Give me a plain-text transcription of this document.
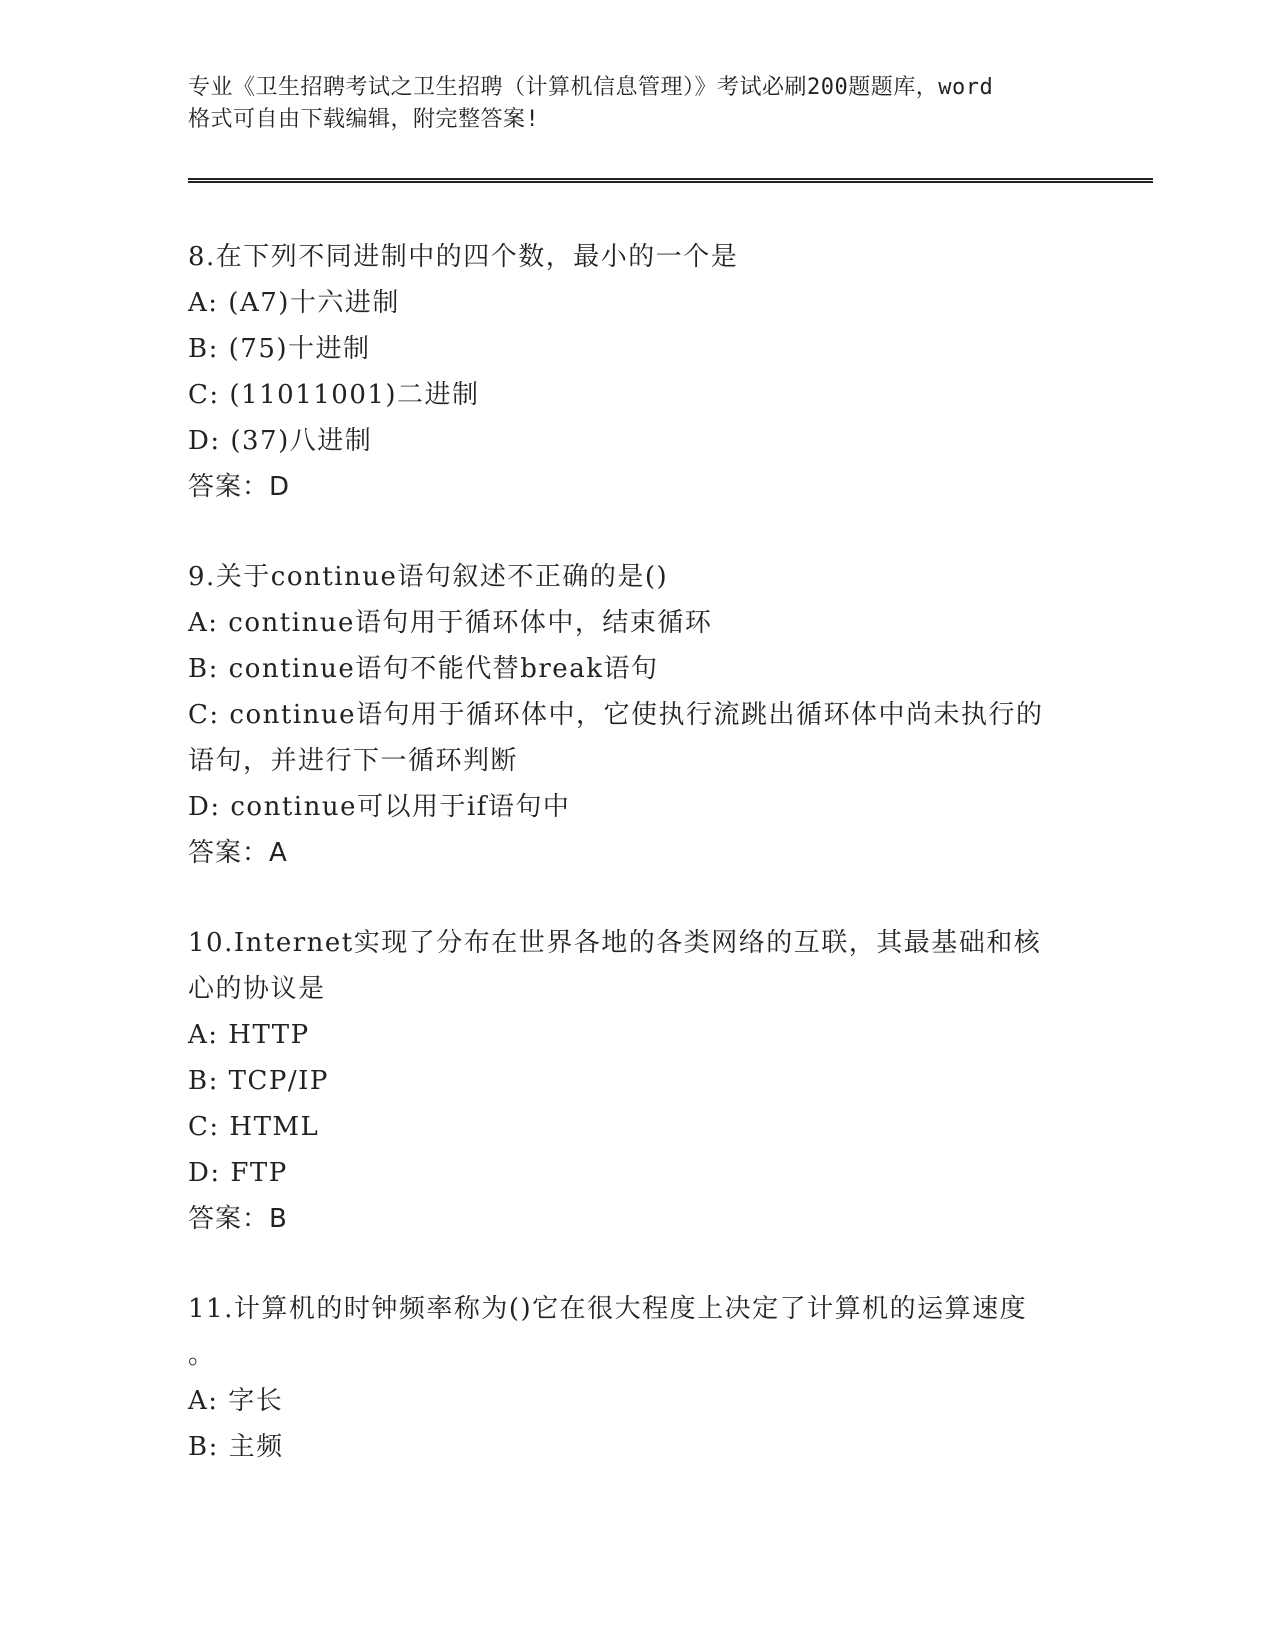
专业《卫生招聘考试之卫生招聘（计算机信息管理）》考试必刷200题题库，word
格式可自由下载编辑，附完整答案!
8.在下列不同进制中的四个数，最小的一个是
A: (A7)十六进制
B: (75)十进制
C: (11011001)二进制
D: (37)八进制
答案：D
9.关于continue语句叙述不正确的是()
A: continue语句用于循环体中，结束循环
B: continue语句不能代替break语句
C: continue语句用于循环体中，它使执行流跳出循环体中尚未执行的
语句，并进行下一循环判断
D: continue可以用于if语句中
答案：A
10.Internet实现了分布在世界各地的各类网络的互联，其最基础和核
心的协议是
A: HTTP
B: TCP/IP
C: HTML
D: FTP
答案：B
11.计算机的时钟频率称为()它在很大程度上决定了计算机的运算速度
。
A: 字长
B: 主频
